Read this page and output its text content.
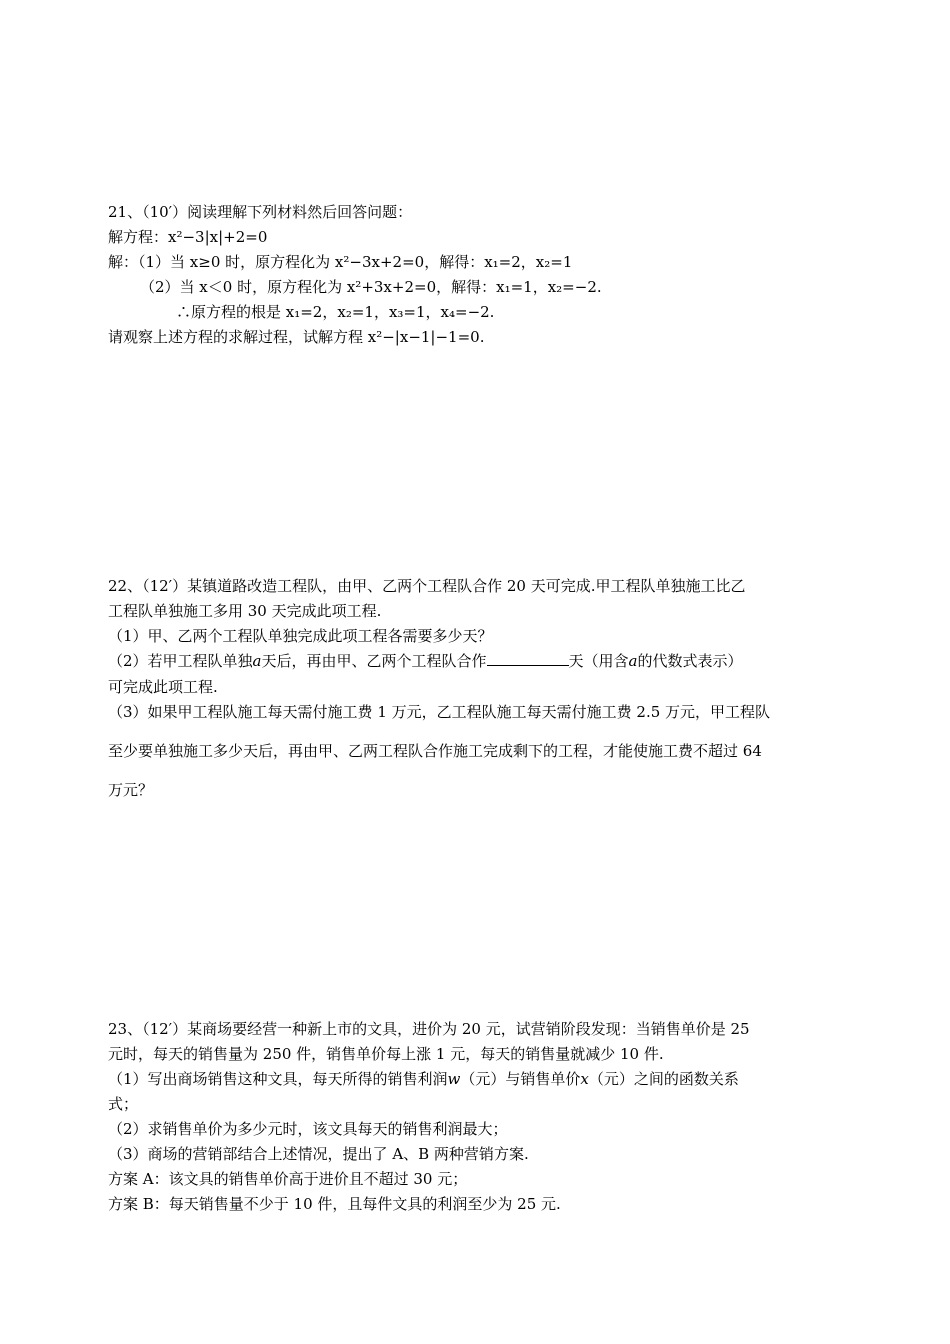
21、（10′）阅读理解下列材料然后回答问题：
解方程：x²−3|x|+2=0
解：（1）当 x≥0 时，原方程化为 x²−3x+2=0，解得：x₁=2，x₂=1
（2）当 x＜0 时，原方程化为 x²+3x+2=0，解得：x₁=1，x₂=−2.
∴原方程的根是 x₁=2，x₂=1，x₃=1，x₄=−2.
请观察上述方程的求解过程，试解方程 x²−|x−1|−1=0.
22、（12′）某镇道路改造工程队，由甲、乙两个工程队合作 20 天可完成.甲工程队单独施工比乙
工程队单独施工多用 30 天完成此项工程.
（1）甲、乙两个工程队单独完成此项工程各需要多少天？
（2）若甲工程队单独a天后，再由甲、乙两个工程队合作	天（用含a的代数式表示）
可完成此项工程.
（3）如果甲工程队施工每天需付施工费 1 万元，乙工程队施工每天需付施工费 2.5 万元，甲工程队
至少要单独施工多少天后，再由甲、乙两工程队合作施工完成剩下的工程，才能使施工费不超过 64
万元？
23、（12′）某商场要经营一种新上市的文具，进价为 20 元，试营销阶段发现：当销售单价是 25
元时，每天的销售量为 250 件，销售单价每上涨 1 元，每天的销售量就减少 10 件.
（1）写出商场销售这种文具，每天所得的销售利润w（元）与销售单价x（元）之间的函数关系
式；
（2）求销售单价为多少元时，该文具每天的销售利润最大；
（3）商场的营销部结合上述情况，提出了 A、B 两种营销方案.
方案 A：该文具的销售单价高于进价且不超过 30 元；
方案 B：每天销售量不少于 10 件，且每件文具的利润至少为 25 元.
